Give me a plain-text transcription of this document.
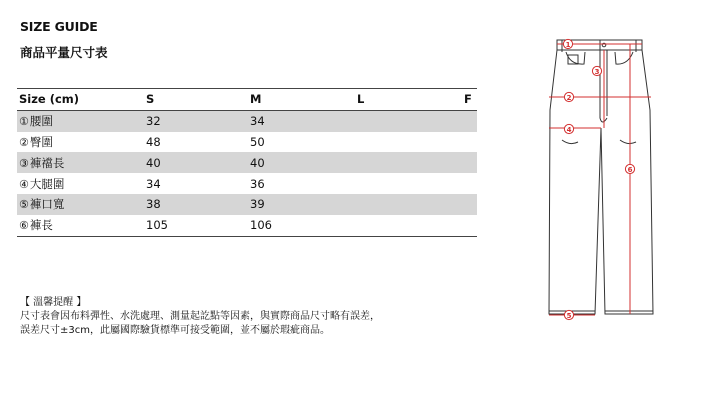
SIZE GUIDE
商品平量尺寸表
Size (cm)	S	M	L	F
①腰圍	32	34		
②臀圍	48	50		
③褲襠長	40	40		
④大腿圍	34	36		
⑤褲口寬	38	39		
⑥褲長	105	106		
【 溫馨提醒 】
尺寸表會因布料彈性、水洗處理、測量起訖點等因素，與實際商品尺寸略有誤差，
誤差尺寸±3cm，此屬國際驗貨標準可接受範圍，並不屬於瑕疵商品。
1
2
3
4
5
6
